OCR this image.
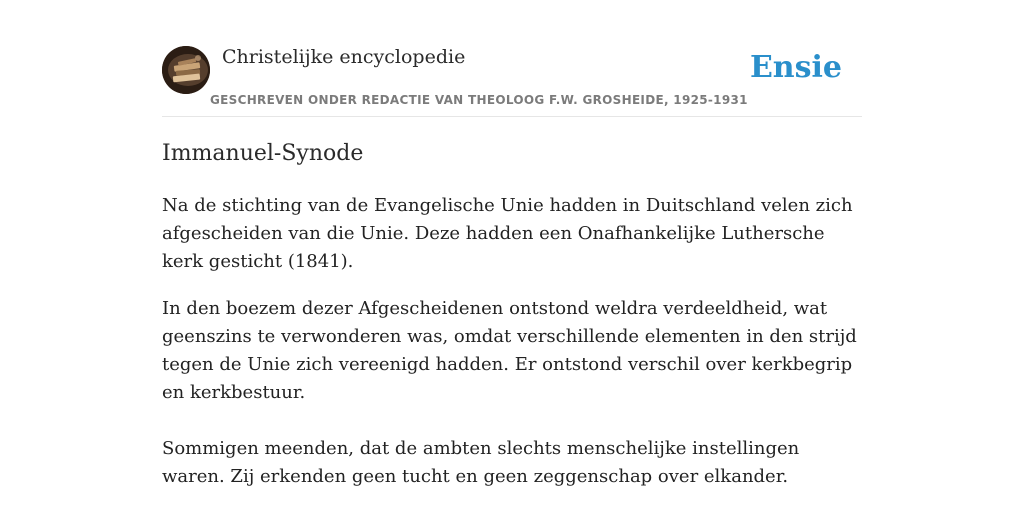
Christelijke encyclopedie
GESCHREVEN ONDER REDACTIE VAN THEOLOOG F.W. GROSHEIDE, 1925-1931
Ensie
Immanuel-Synode

Na de stichting van de Evangelische Unie hadden in Duitschland velen zich afgescheiden van die Unie. Deze hadden een Onafhankelijke Luthersche kerk gesticht (1841).

In den boezem dezer Afgescheidenen ontstond weldra verdeeldheid, wat geenszins te verwonderen was, omdat verschillende elementen in den strijd tegen de Unie zich vereenigd hadden. Er ontstond verschil over kerkbegrip en kerkbestuur.

Sommigen meenden, dat de ambten slechts menschelijke instellingen waren. Zij erkenden geen tucht en geen zeggenschap over elkander.
